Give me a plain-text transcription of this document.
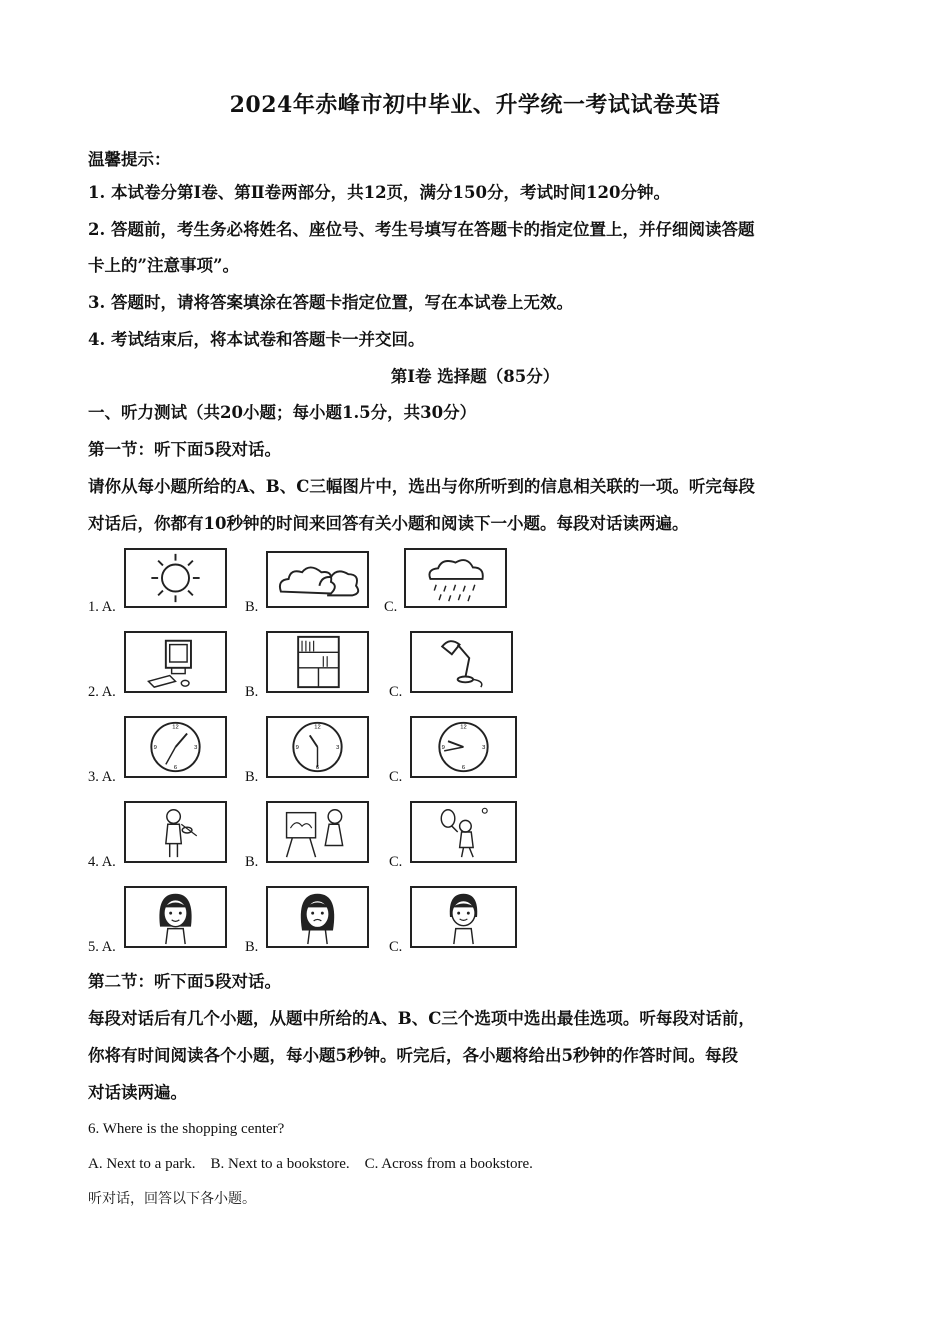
2024年赤峰市初中毕业、升学统一考试试卷英语
温馨提示：
1. 本试卷分第Ⅰ卷、第Ⅱ卷两部分，共12页，满分150分，考试时间120分钟。
2. 答题前，考生务必将姓名、座位号、考生号填写在答题卡的指定位置上，并仔细阅读答题
卡上的”注意事项”。
3. 答题时，请将答案填涂在答题卡指定位置，写在本试卷上无效。
4. 考试结束后，将本试卷和答题卡一并交回。
第Ⅰ卷 选择题（85分）
一、听力测试（共20小题；每小题1.5分，共30分）
第一节：听下面5段对话。
请你从每小题所给的A、B、C三幅图片中，选出与你所听到的信息相关联的一项。听完每段
对话后，你都有10秒钟的时间来回答有关小题和阅读下一小题。每段对话读两遍。
1. A.	B.	C.
2. A.	B.	C.
3. A.
12
3
6
9
B.
12
3
6
9
C.
12
3
6
9
4. A.	B.	C.
5. A.	B.	C.
第二节：听下面5段对话。
每段对话后有几个小题，从题中所给的A、B、C三个选项中选出最佳选项。听每段对话前，
你将有时间阅读各个小题，每小题5秒钟。听完后，各小题将给出5秒钟的作答时间。每段
对话读两遍。
6. Where is the shopping center?
A. Next to a park.    B. Next to a bookstore.    C. Across from a bookstore.
听对话，回答以下各小题。
